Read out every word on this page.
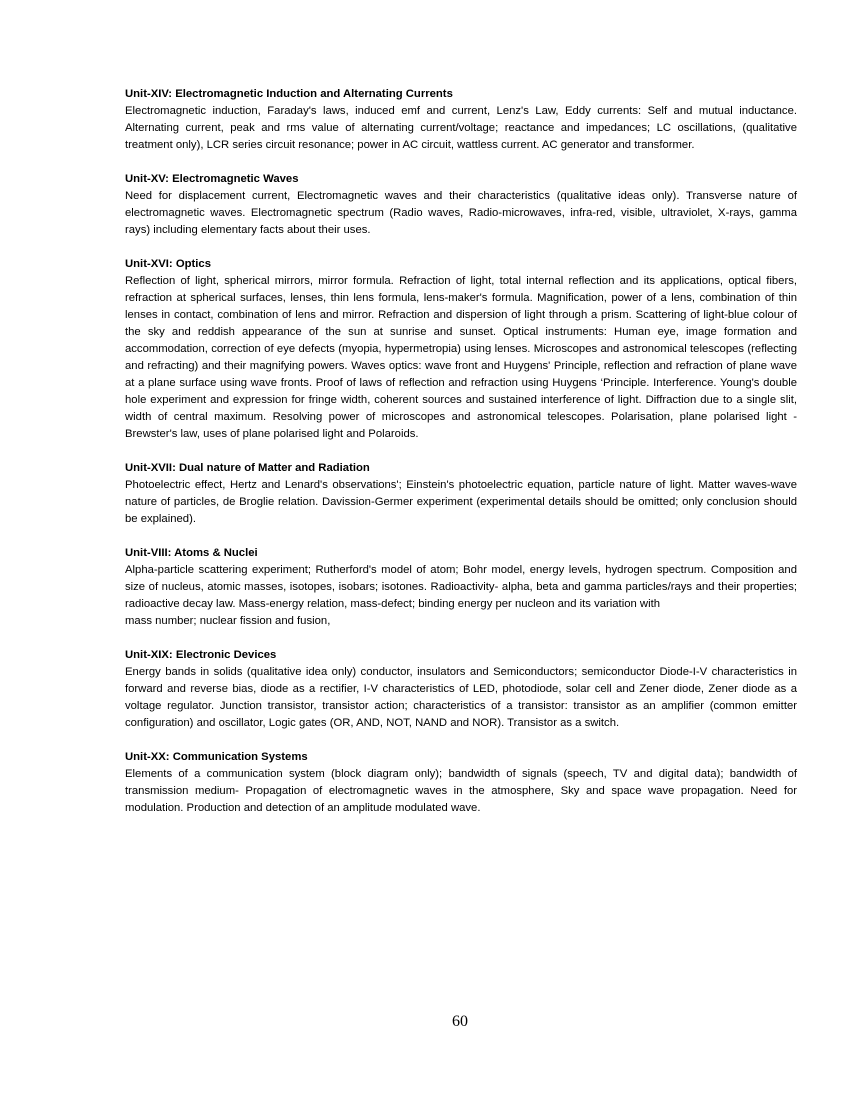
Unit-XIV: Electromagnetic Induction and Alternating Currents

Electromagnetic induction, Faraday's laws, induced emf and current, Lenz's Law, Eddy currents: Self and mutual inductance. Alternating current, peak and rms value of alternating current/voltage; reactance and impedances; LC oscillations, (qualitative treatment only), LCR series circuit resonance; power in AC circuit, wattless current. AC generator and transformer.

Unit-XV: Electromagnetic Waves

Need for displacement current, Electromagnetic waves and their characteristics (qualitative ideas only). Transverse nature of electromagnetic waves. Electromagnetic spectrum (Radio waves, Radio-microwaves, infra-red, visible, ultraviolet, X-rays, gamma rays) including elementary facts about their uses.

Unit-XVI: Optics

Reflection of light, spherical mirrors, mirror formula. Refraction of light, total internal reflection and its applications, optical fibers, refraction at spherical surfaces, lenses, thin lens formula, lens-maker's formula. Magnification, power of a lens, combination of thin lenses in contact, combination of lens and mirror. Refraction and dispersion of light through a prism. Scattering of light-blue colour of the sky and reddish appearance of the sun at sunrise and sunset. Optical instruments: Human eye, image formation and accommodation, correction of eye defects (myopia, hypermetropia) using lenses. Microscopes and astronomical telescopes (reflecting and refracting) and their magnifying powers. Waves optics: wave front and Huygens' Principle, reflection and refraction of plane wave at a plane surface using wave fronts. Proof of laws of reflection and refraction using Huygens ‘Principle. Interference. Young's double hole experiment and expression for fringe width, coherent sources and sustained interference of light. Diffraction due to a single slit, width of central maximum. Resolving power of microscopes and astronomical telescopes. Polarisation, plane polarised light - Brewster's law, uses of plane polarised light and Polaroids.

Unit-XVII: Dual nature of Matter and Radiation

Photoelectric effect, Hertz and Lenard's observations'; Einstein's photoelectric equation, particle nature of light. Matter waves-wave nature of particles, de Broglie relation. Davission-Germer experiment (experimental details should be omitted; only conclusion should be explained).

Unit-VIII: Atoms & Nuclei

Alpha-particle scattering experiment; Rutherford's model of atom; Bohr model, energy levels, hydrogen spectrum. Composition and size of nucleus, atomic masses, isotopes, isobars; isotones. Radioactivity- alpha, beta and gamma particles/rays and their properties; radioactive decay law. Mass-energy relation, mass-defect; binding energy per nucleon and its variation with

mass number; nuclear fission and fusion,

Unit-XIX: Electronic Devices

Energy bands in solids (qualitative idea only) conductor, insulators and Semiconductors; semiconductor Diode-I-V characteristics in forward and reverse bias, diode as a rectifier, I-V characteristics of LED, photodiode, solar cell and Zener diode, Zener diode as a voltage regulator. Junction transistor, transistor action; characteristics of a transistor: transistor as an amplifier (common emitter configuration) and oscillator, Logic gates (OR, AND, NOT, NAND and NOR). Transistor as a switch.

Unit-XX: Communication Systems

Elements of a communication system (block diagram only); bandwidth of signals (speech, TV and digital data); bandwidth of transmission medium- Propagation of electromagnetic waves in the atmosphere, Sky and space wave propagation. Need for modulation. Production and detection of an amplitude modulated wave.

60
